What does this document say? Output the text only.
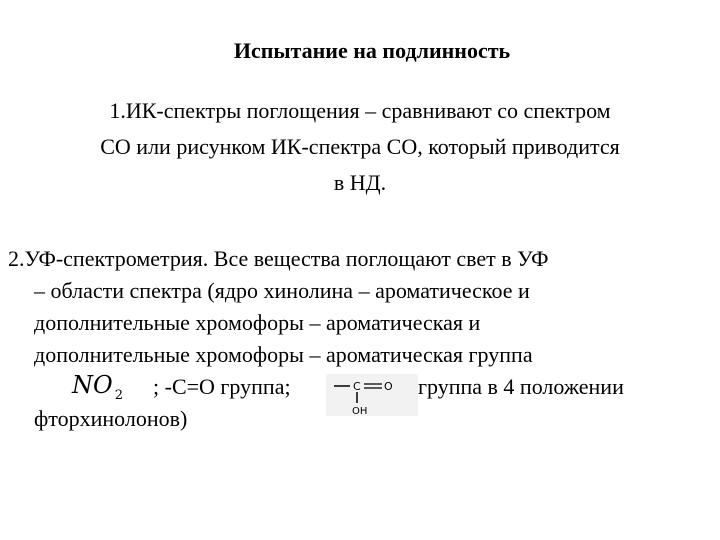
Испытание на подлинность
1.ИК-спектры поглощения – сравнивают со спектром
СО или рисунком ИК-спектра СО, который приводится
в НД.
2.УФ-спектрометрия. Все вещества поглощают свет в УФ
– области спектра (ядро хинолина – ароматическое и
дополнительные хромофоры – ароматическая и
дополнительные хромофоры – ароматическая группа
NO $_2$ ; -С=О группа;	C O
OH
группа в 4 положении
фторхинолонов)
